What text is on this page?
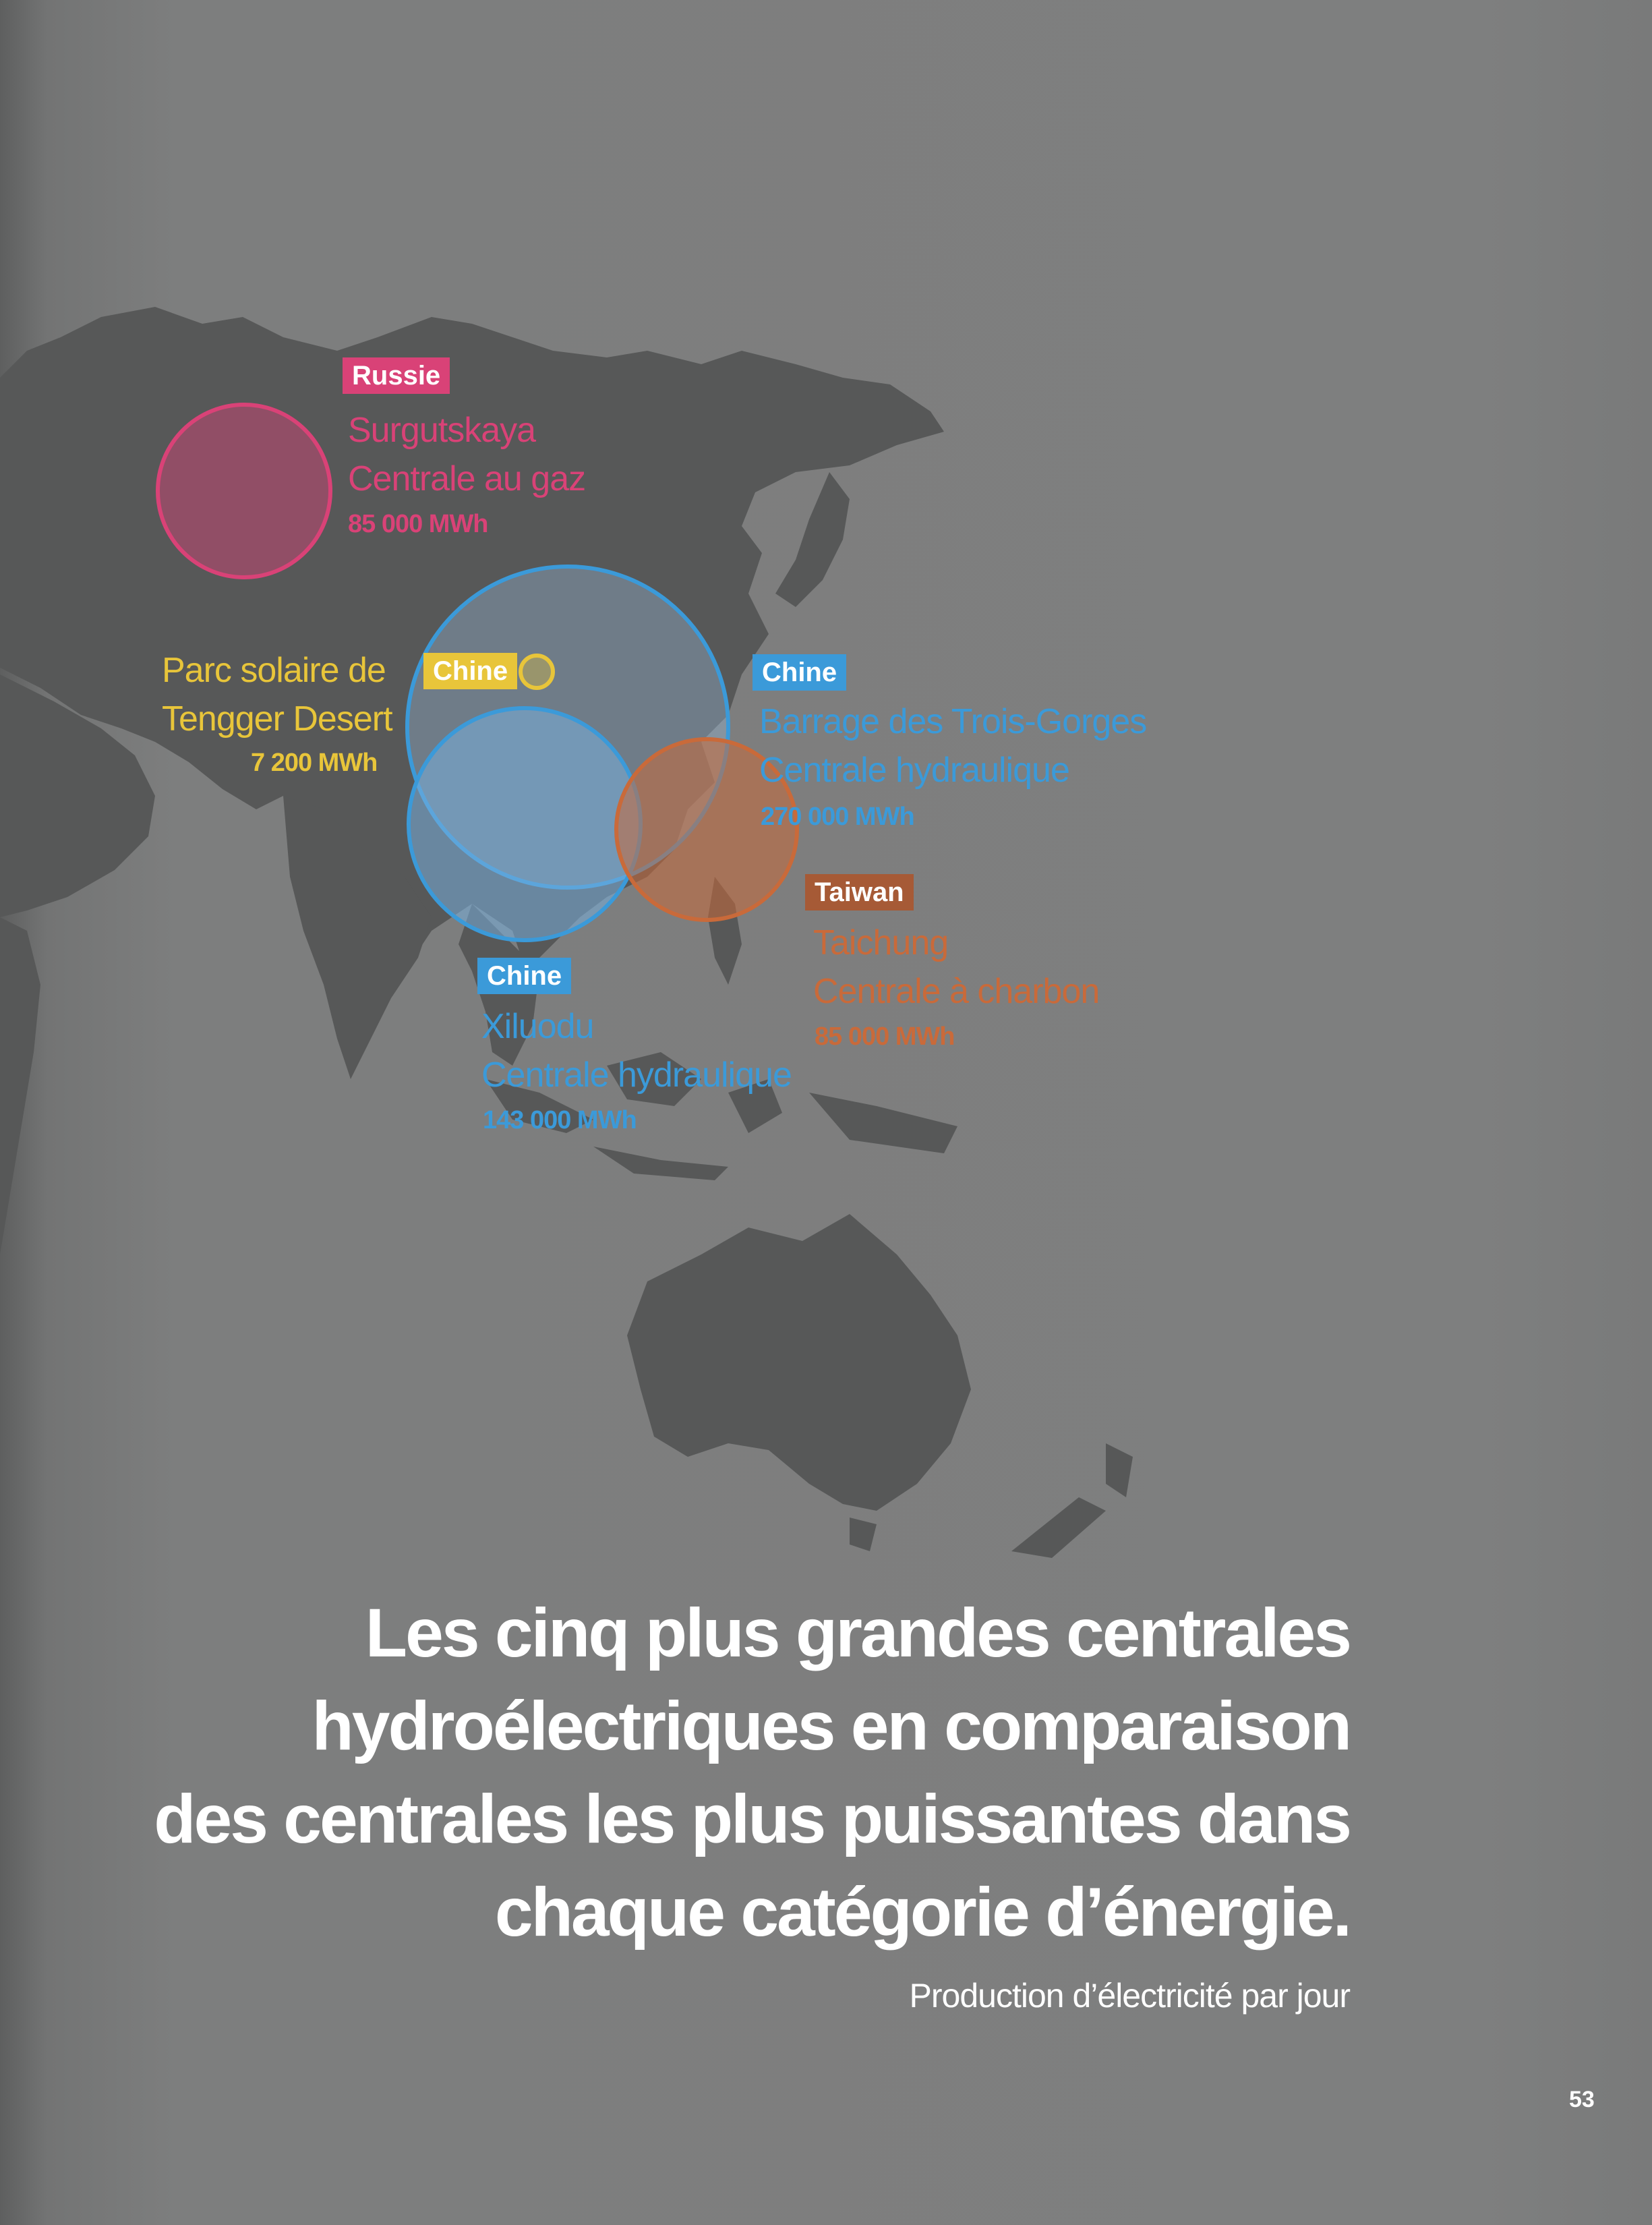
Russie
Surgutskaya
Centrale au gaz
85 000 MWh
Parc solaire de
Tengger Desert
7 200 MWh
Chine	Chine
Barrage des Trois-Gorges
Centrale hydraulique
270 000 MWh
Taiwan
Taichung
Centrale à charbon
85 000 MWh
Chine
Xiluodu
Centrale hydraulique
143 000 MWh
Les cinq plus grandes centrales
hydroélectriques en comparaison
des centrales les plus puissantes dans
chaque catégorie d’énergie.
Production d’électricité par jour
53
